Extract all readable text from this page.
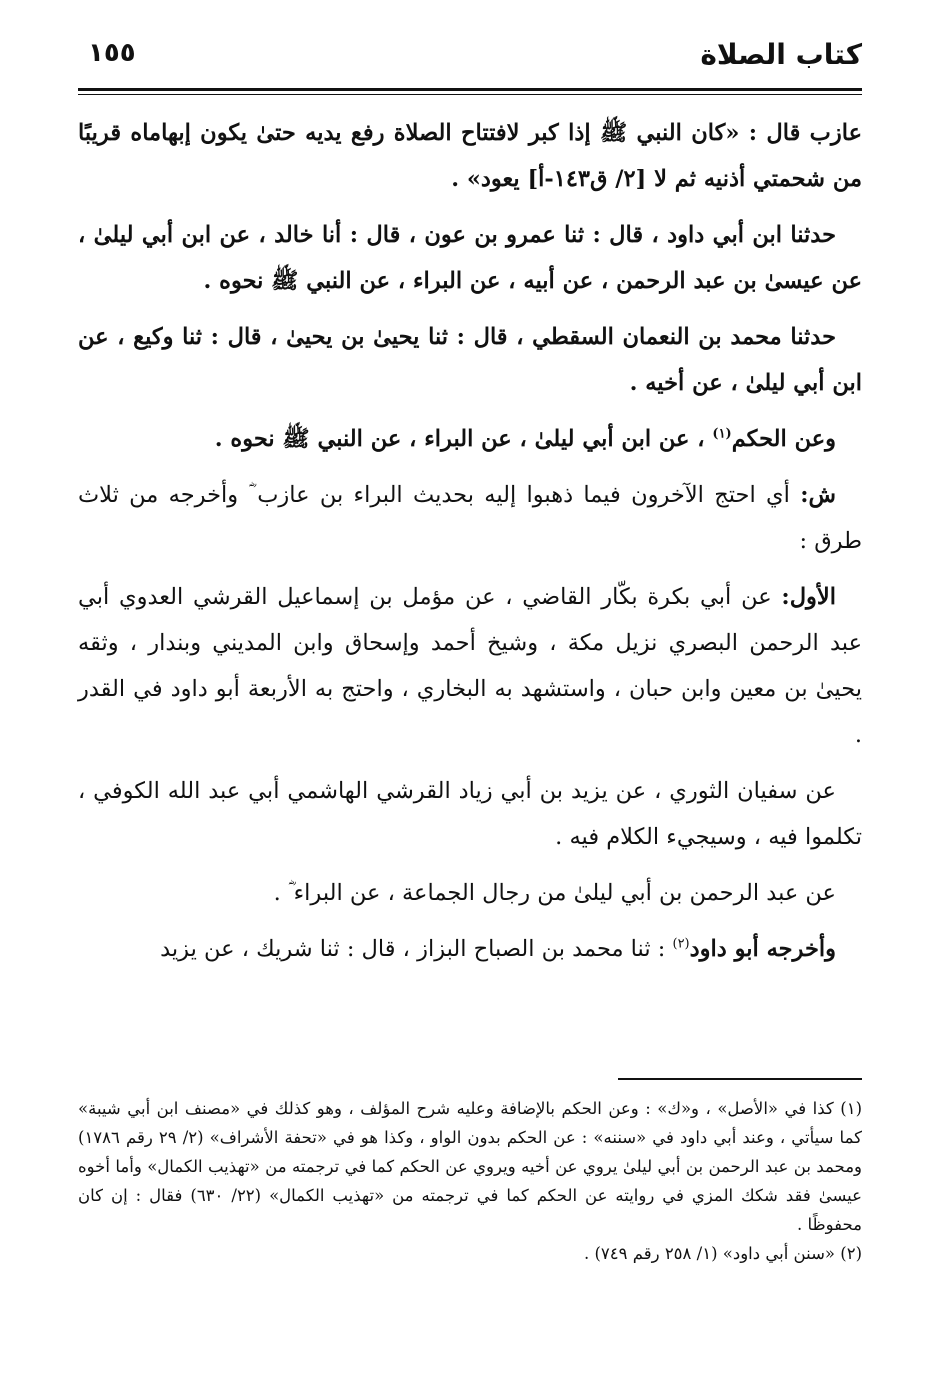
كتاب الصلاة
١٥٥

عازب قال : «كان النبي ﷺ إذا كبر لافتتاح الصلاة رفع يديه حتىٰ يكون إبهاماه قريبًا من شحمتي أذنيه ثم لا [٢/ ق١٤٣-أ] يعود» .

حدثنا ابن أبي داود ، قال : ثنا عمرو بن عون ، قال : أنا خالد ، عن ابن أبي ليلىٰ ، عن عيسىٰ بن عبد الرحمن ، عن أبيه ، عن البراء ، عن النبي ﷺ نحوه .

حدثنا محمد بن النعمان السقطي ، قال : ثنا يحيىٰ بن يحيىٰ ، قال : ثنا وكيع ، عن ابن أبي ليلىٰ ، عن أخيه .

وعن الحكم$^{(١)}$ ، عن ابن أبي ليلىٰ ، عن البراء ، عن النبي ﷺ نحوه .

ش: أي احتج الآخرون فيما ذهبوا إليه بحديث البراء بن عازب ؓ وأخرجه من ثلاث طرق :

الأول: عن أبي بكرة بكّار القاضي ، عن مؤمل بن إسماعيل القرشي العدوي أبي عبد الرحمن البصري نزيل مكة ، وشيخ أحمد وإسحاق وابن المديني وبندار ، وثقه يحيىٰ بن معين وابن حبان ، واستشهد به البخاري ، واحتج به الأربعة أبو داود في القدر .

عن سفيان الثوري ، عن يزيد بن أبي زياد القرشي الهاشمي أبي عبد الله الكوفي ، تكلموا فيه ، وسيجيء الكلام فيه .

عن عبد الرحمن بن أبي ليلىٰ من رجال الجماعة ، عن البراء ؓ .

وأخرجه أبو داود$^{(٢)}$ : ثنا محمد بن الصباح البزاز ، قال : ثنا شريك ، عن يزيد

(١) كذا في «الأصل» ، و«ك» : وعن الحكم بالإضافة وعليه شرح المؤلف ، وهو كذلك في «مصنف ابن أبي شيبة» كما سيأتي ، وعند أبي داود في «سننه» : عن الحكم بدون الواو ، وكذا هو في «تحفة الأشراف» (٢/ ٢٩ رقم ١٧٨٦) ومحمد بن عبد الرحمن بن أبي ليلىٰ يروي عن أخيه ويروي عن الحكم كما في ترجمته من «تهذيب الكمال» وأما أخوه عيسىٰ فقد شكك المزي في روايته عن الحكم كما في ترجمته من «تهذيب الكمال» (٢٢/ ٦٣٠) فقال : إن كان محفوظًا .

(٢) «سنن أبي داود» (١/ ٢٥٨ رقم ٧٤٩) .
